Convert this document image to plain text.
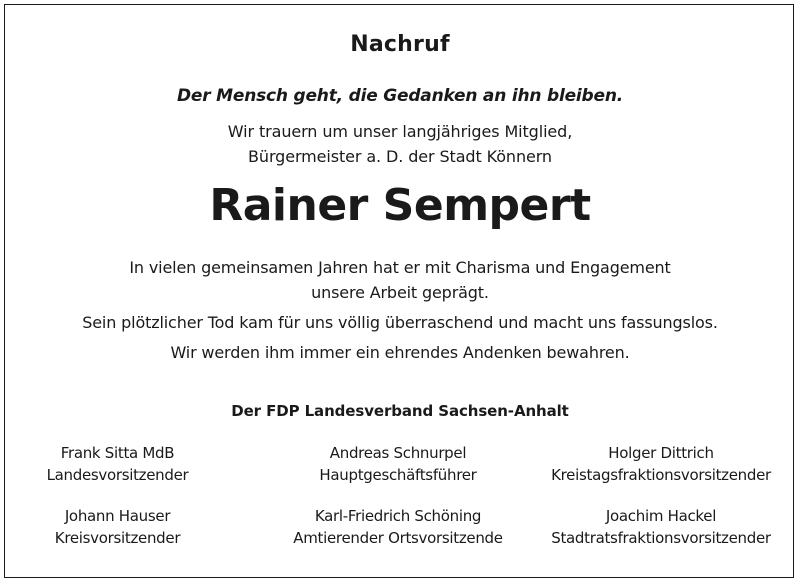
Nachruf
Der Mensch geht, die Gedanken an ihn bleiben.
Wir trauern um unser langjähriges Mitglied,
Bürgermeister a. D. der Stadt Könnern
Rainer Sempert
In vielen gemeinsamen Jahren hat er mit Charisma und Engagement
unsere Arbeit geprägt.
Sein plötzlicher Tod kam für uns völlig überraschend und macht uns fassungslos.
Wir werden ihm immer ein ehrendes Andenken bewahren.
Der FDP Landesverband Sachsen-Anhalt
Frank Sitta MdB
Landesvorsitzender
Andreas Schnurpel
Hauptgeschäftsführer
Holger Dittrich
Kreistagsfraktionsvorsitzender
Johann Hauser
Kreisvorsitzender
Karl-Friedrich Schöning
Amtierender Ortsvorsitzende
Joachim Hackel
Stadtratsfraktionsvorsitzender
